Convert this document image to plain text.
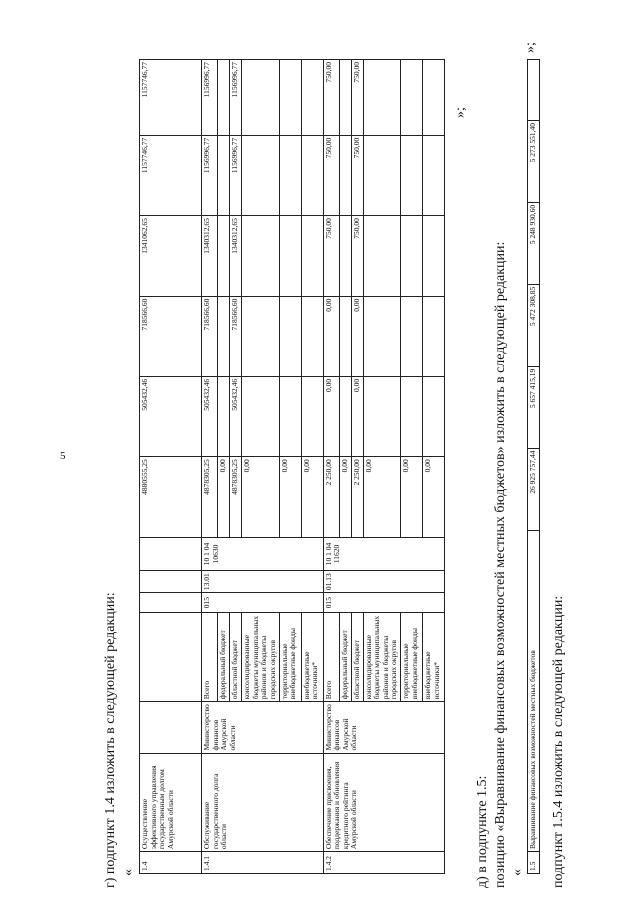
5
г) подпункт 1.4 изложить в следующей редакции: «
1.4	Осуществление эффективного управления государственным долгом Амурской области						4880555,25	505432,46	718566,60	1341062,65	1157746,77	1157746,77
1.4.1	Обслуживание государственного долга области	Министерство финансов Амурской области	Всего	015	13.01	10 1 04 10630	4878305,25	505432,46	718566,60	1340312,65	1156996,77	1156996,77
			федеральный бюджет				0,00					
			областной бюджет				4878305,25	505432,46	718566,60	1340312,65	1156996,77	1156996,77
			консолидированные бюджеты муниципальных районов и бюджеты городских округов				0,00					
			территориальные внебюджетные фонды				0,00					
			внебюджетные источники*				0,00					
1.4.2	Обеспечение присвоения, поддержания и обновления кредитного рейтинга Амурской области	Министерство финансов Амурской области	Всего	015	01.13	10 1 04 11620	2 250,00	0,00	0,00	750,00	750,00	750,00
			федеральный бюджет				0,00					
			областной бюджет				2 250,00	0,00	0,00	750,00	750,00	750,00
			консолидированные бюджеты муниципальных районов и бюджеты городских округов				0,00					
			территориальные внебюджетные фонды				0,00					
			внебюджетные источники*				0,00					
»;
д) в подпункте 1.5: позицию «Выравнивание финансовых возможностей местных бюджетов» изложить в следующей редакции: «
1.5	Выравнивание финансовых возможностей местных бюджетов	26 925 757,44	5 657 415,19	5 472 308,85	5 248 930,60	5 273 551,40	
»;
подпункт 1.5.4 изложить в следующей редакции:
